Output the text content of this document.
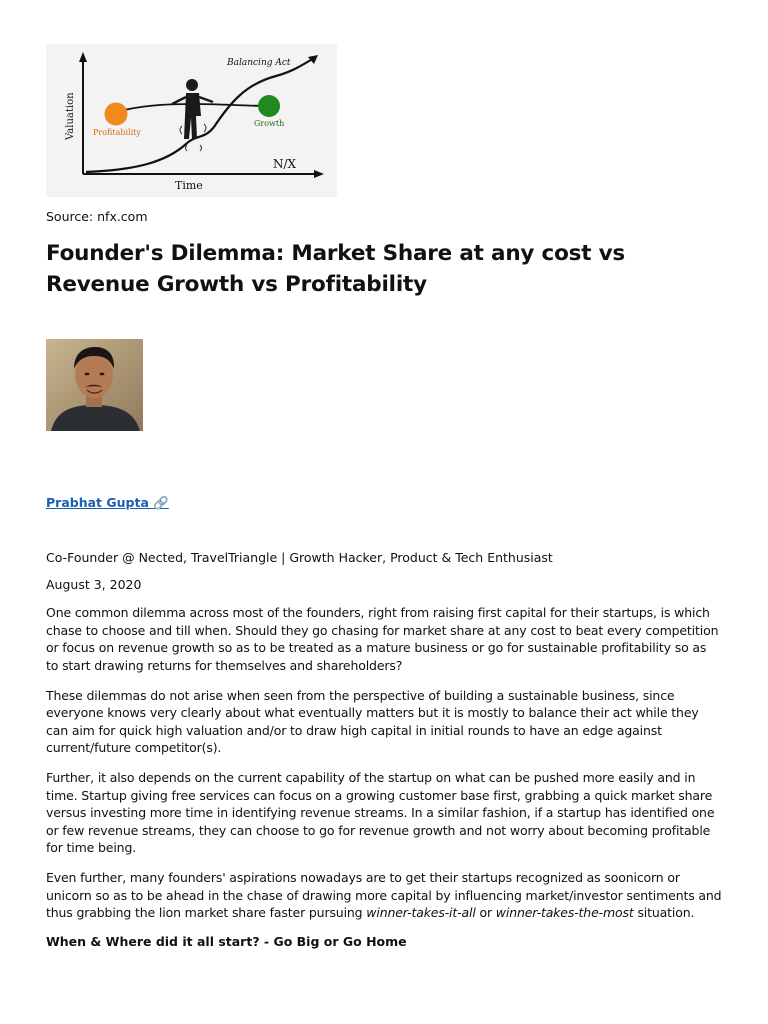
Balancing Act
Profitability
Growth
Time
Valuation
N/X
Source: nfx.com
Founder's Dilemma: Market Share at any cost vs Revenue Growth vs Profitability
Prabhat Gupta 🔗
Co-Founder @ Nected, TravelTriangle | Growth Hacker, Product & Tech Enthusiast
August 3, 2020

One common dilemma across most of the founders, right from raising first capital for their startups, is which chase to choose and till when. Should they go chasing for market share at any cost to beat every competition or focus on revenue growth so as to be treated as a mature business or go for sustainable profitability so as to start drawing returns for themselves and shareholders?

These dilemmas do not arise when seen from the perspective of building a sustainable business, since everyone knows very clearly about what eventually matters but it is mostly to balance their act while they can aim for quick high valuation and/or to draw high capital in initial rounds to have an edge against current/future competitor(s).

Further, it also depends on the current capability of the startup on what can be pushed more easily and in time. Startup giving free services can focus on a growing customer base first, grabbing a quick market share versus investing more time in identifying revenue streams. In a similar fashion, if a startup has identified one or few revenue streams, they can choose to go for revenue growth and not worry about becoming profitable for time being.

Even further, many founders' aspirations nowadays are to get their startups recognized as soonicorn or unicorn so as to be ahead in the chase of drawing more capital by influencing market/investor sentiments and thus grabbing the lion market share faster pursuing winner-takes-it-all or winner-takes-the-most situation.

When & Where did it all start? - Go Big or Go Home
